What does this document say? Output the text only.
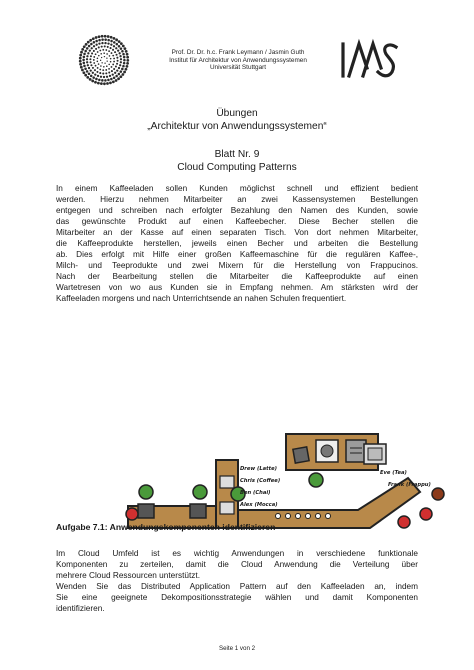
Prof. Dr. Dr. h.c. Frank Leymann / Jasmin Guth
Institut für Architektur von Anwendungssystemen
Universität Stuttgart
Übungen
„Architektur von Anwendungssystemen“
Blatt Nr. 9
Cloud Computing Patterns
In einem Kaffeeladen sollen Kunden möglichst schnell und effizient bedient
werden. Hierzu nehmen Mitarbeiter an zwei Kassensystemen Bestellungen
entgegen und schreiben nach erfolgter Bezahlung den Namen des Kunden, sowie
das gewünschte Produkt auf einen Kaffeebecher. Diese Becher stellen die
Mitarbeiter an der Kasse auf einen separaten Tisch. Von dort nehmen Mitarbeiter,
die Kaffeeprodukte herstellen, jeweils einen Becher und arbeiten die Bestellung
ab. Dies erfolgt mit Hilfe einer großen Kaffeemaschine für die regulären Kaffee-,
Milch- und Teeprodukte und zwei Mixern für die Herstellung von Frappucinos.
Nach der Bearbeitung stellen die Mitarbeiter die Kaffeeprodukte auf einen
Wartetresen von wo aus Kunden sie in Empfang nehmen. Am stärksten wird der
Kaffeeladen morgens und nach Unterrichtsende an nahen Schulen frequentiert.
Drew (Latte)
Chris (Coffee)
Ben (Chai)
Alex (Mocca)
Eve (Tea)
Frank (Frappu)
Aufgabe 7.1: Anwendungskomponenten identifizieren
Im Cloud Umfeld ist es wichtig Anwendungen in verschiedene funktionale
Komponenten zu zerteilen, damit die Cloud Anwendung die Verteilung über
mehrere Cloud Ressourcen unterstützt.
Wenden Sie das Distributed Application Pattern auf den Kaffeeladen an, indem
Sie eine geeignete Dekompositionsstrategie wählen und damit Komponenten
identifizieren.
Seite 1 von 2
